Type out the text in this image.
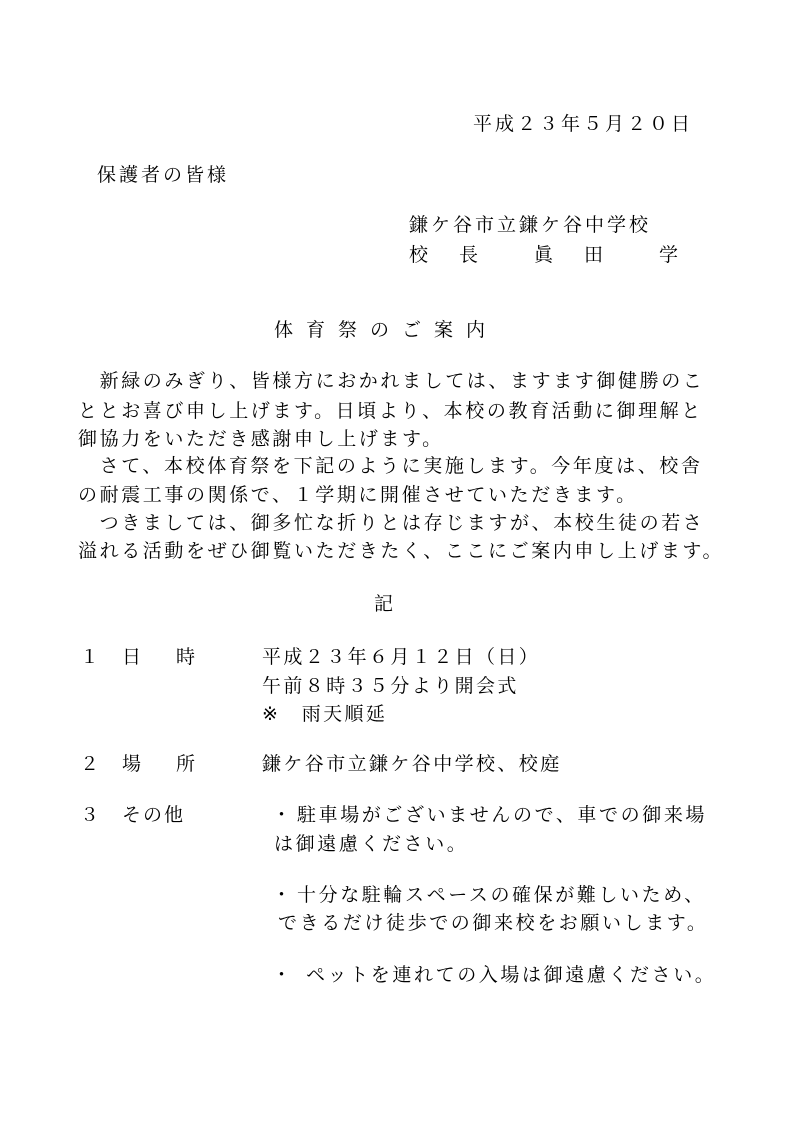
平成２３年５月２０日
保護者の皆様
鎌ケ谷市立鎌ケ谷中学校
校　長　　眞　田　　学
体育祭のご案内
　新緑のみぎり、皆様方におかれましては、ますます御健勝のこ
ととお喜び申し上げます。日頃より、本校の教育活動に御理解と
御協力をいただき感謝申し上げます。
　さて、本校体育祭を下記のように実施します。今年度は、校舎
の耐震工事の関係で、１学期に開催させていただきます。
　つきましては、御多忙な折りとは存じますが、本校生徒の若さ
溢れる活動をぜひ御覧いただきたく、ここにご案内申し上げます。
記
１ 日　時	平成２３年６月１２日（日）
午前８時３５分より開会式
※　雨天順延
２ 場　所	鎌ケ谷市立鎌ケ谷中学校、校庭
３ その他	・ 駐車場がございませんので、車での御来場
は御遠慮ください。
・ 十分な駐輪スペースの確保が難しいため、
できるだけ徒歩での御来校をお願いします。
・ ペットを連れての入場は御遠慮ください。
